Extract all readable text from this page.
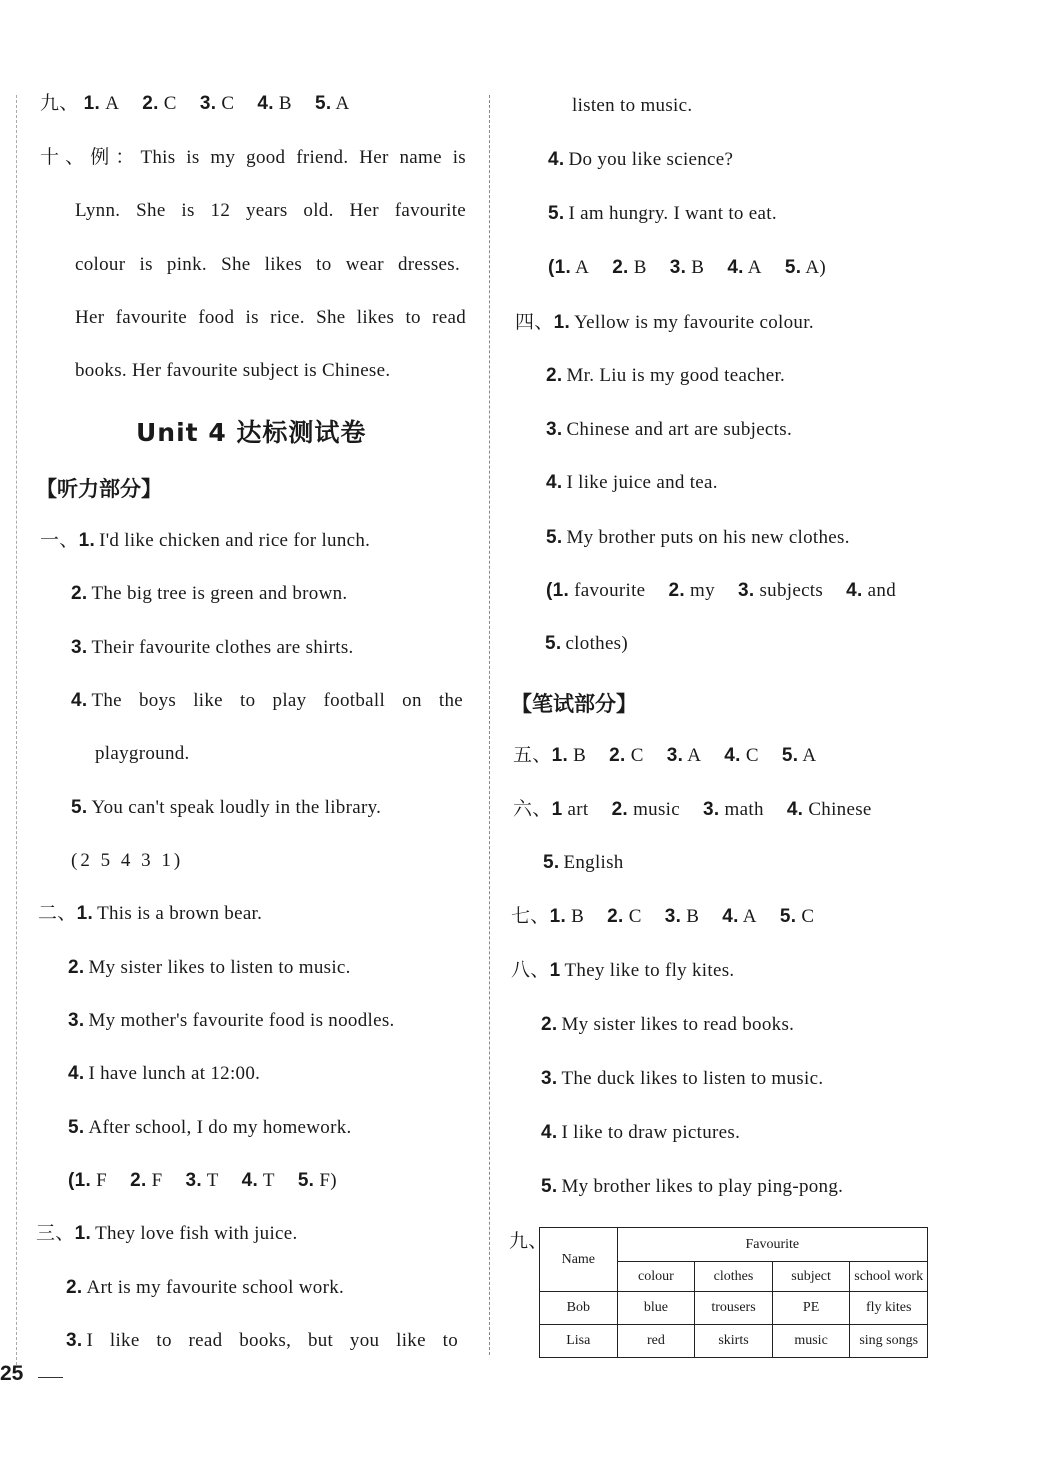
九、 1. A 2. C 3. C 4. B 5. A
十、例：This is my good friend. Her name is
Lynn. She is 12 years old. Her favourite
colour is pink. She likes to wear dresses.
Her favourite food is rice. She likes to read
books. Her favourite subject is Chinese.
Unit 4 达标测试卷
【听力部分】
一、1. I'd like chicken and rice for lunch.
2. The big tree is green and brown.
3. Their favourite clothes are shirts.
4. The boys like to play football on the
playground.
5. You can't speak loudly in the library.
(2 5 4 3 1)
二、1. This is a brown bear.
2. My sister likes to listen to music.
3. My mother's favourite food is noodles.
4. I have lunch at 12:00.
5. After school, I do my homework.
(1. F 2. F 3. T 4. T 5. F)
三、1. They love fish with juice.
2. Art is my favourite school work.
3. I like to read books, but you like to
listen to music.
4. Do you like science?
5. I am hungry. I want to eat.
(1. A 2. B 3. B 4. A 5. A)
四、1. Yellow is my favourite colour.
2. Mr. Liu is my good teacher.
3. Chinese and art are subjects.
4. I like juice and tea.
5. My brother puts on his new clothes.
(1. favourite 2. my 3. subjects 4. and
5. clothes)
【笔试部分】
五、1. B 2. C 3. A 4. C 5. A
六、1 art 2. music 3. math 4. Chinese
5. English
七、1. B 2. C 3. B 4. A 5. C
八、1 They like to fly kites.
2. My sister likes to read books.
3. The duck likes to listen to music.
4. I like to draw pictures.
5. My brother likes to play ping-pong.
九、
Name	Favourite			
	colour	clothes	subject	school work
Bob	blue	trousers	PE	fly kites
Lisa	red	skirts	music	sing songs
25
